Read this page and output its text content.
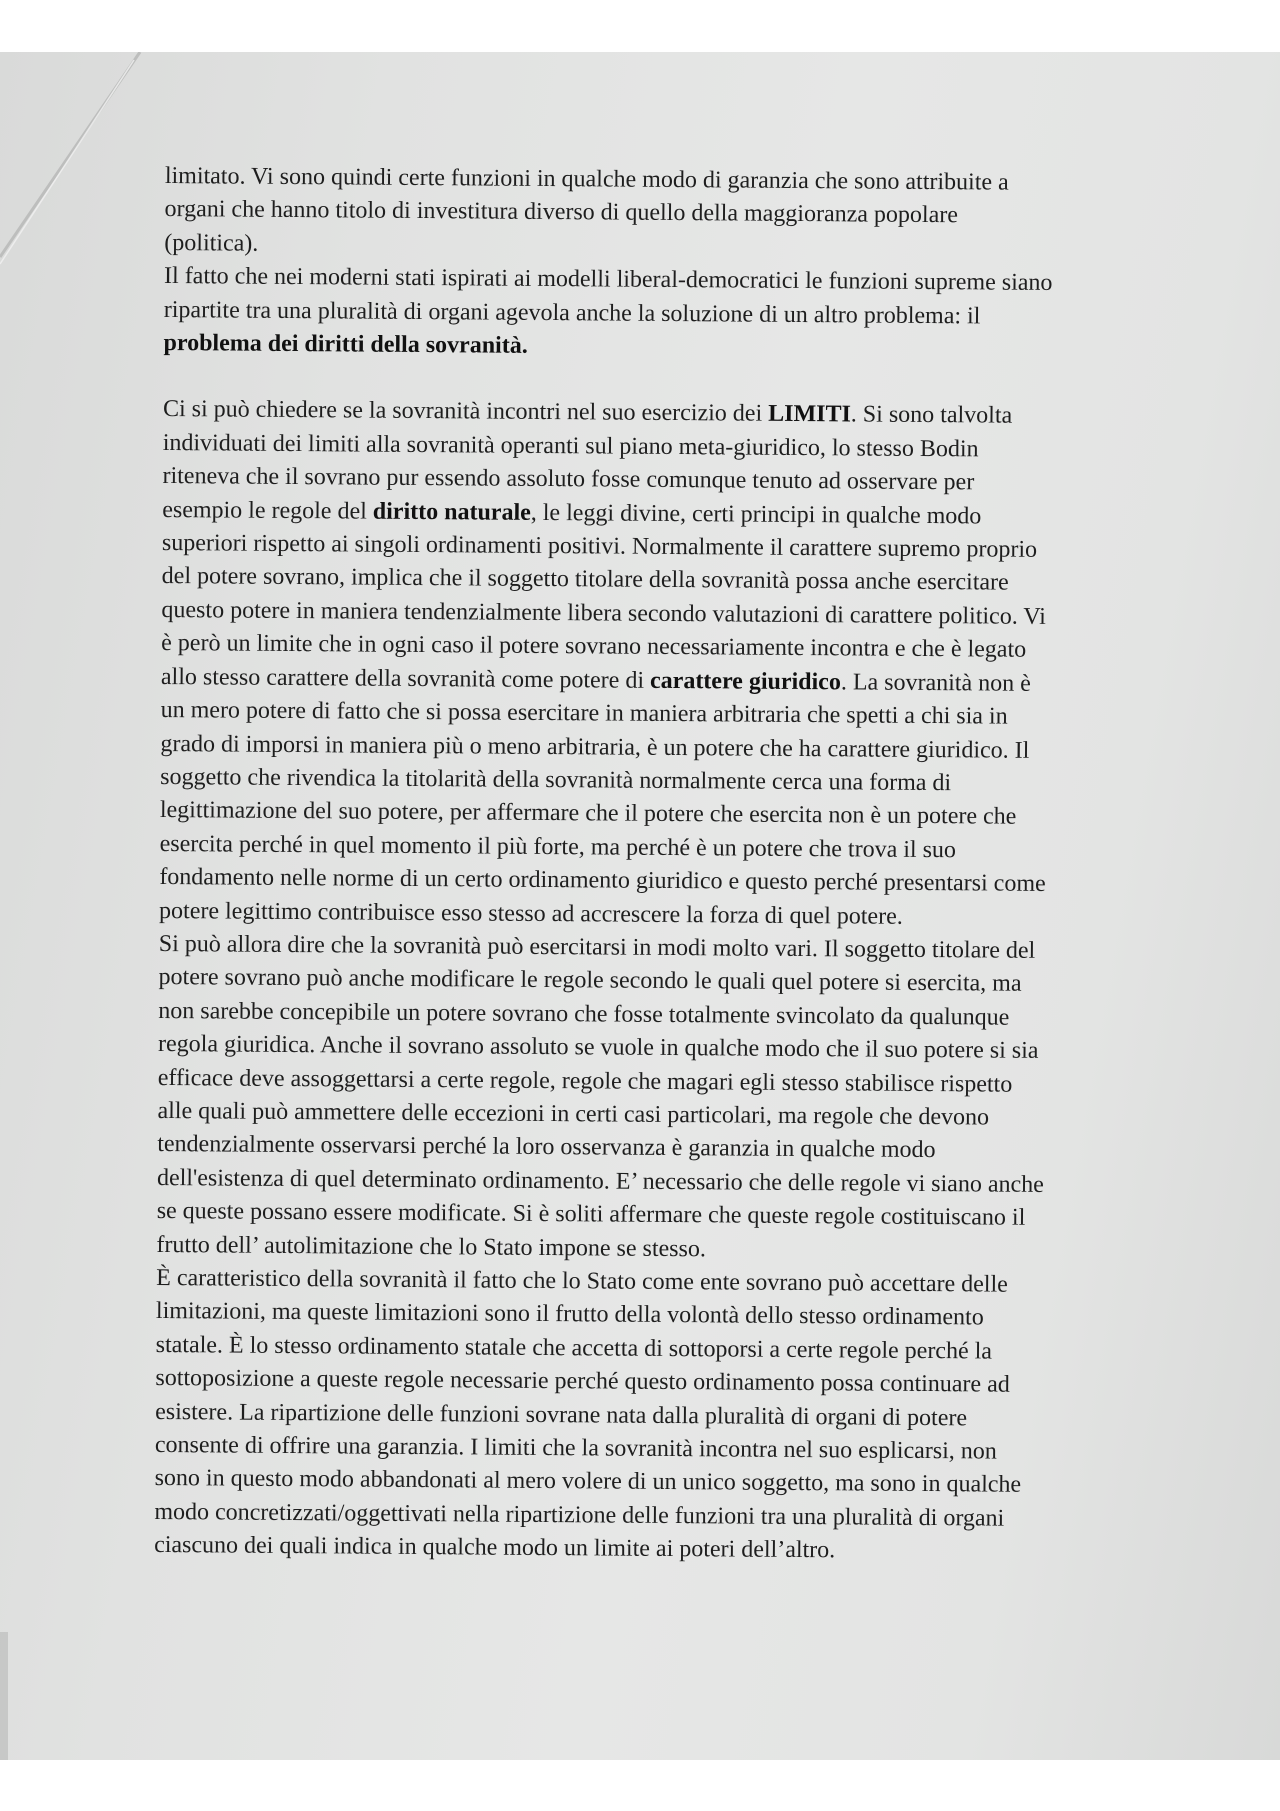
limitato. Vi sono quindi certe funzioni in qualche modo di garanzia che sono attribuite a
organi che hanno titolo di investitura diverso di quello della maggioranza popolare
(politica).
Il fatto che nei moderni stati ispirati ai modelli liberal-democratici le funzioni supreme siano
ripartite tra una pluralità di organi agevola anche la soluzione di un altro problema: il
problema dei diritti della sovranità.
Ci si può chiedere se la sovranità incontri nel suo esercizio dei LIMITI. Si sono talvolta
individuati dei limiti alla sovranità operanti sul piano meta-giuridico, lo stesso Bodin
riteneva che il sovrano pur essendo assoluto fosse comunque tenuto ad osservare per
esempio le regole del diritto naturale, le leggi divine, certi principi in qualche modo
superiori rispetto ai singoli ordinamenti positivi. Normalmente il carattere supremo proprio
del potere sovrano, implica che il soggetto titolare della sovranità possa anche esercitare
questo potere in maniera tendenzialmente libera secondo valutazioni di carattere politico. Vi
è però un limite che in ogni caso il potere sovrano necessariamente incontra e che è legato
allo stesso carattere della sovranità come potere di carattere giuridico. La sovranità non è
un mero potere di fatto che si possa esercitare in maniera arbitraria che spetti a chi sia in
grado di imporsi in maniera più o meno arbitraria, è un potere che ha carattere giuridico. Il
soggetto che rivendica la titolarità della sovranità normalmente cerca una forma di
legittimazione del suo potere, per affermare che il potere che esercita non è un potere che
esercita perché in quel momento il più forte, ma perché è un potere che trova il suo
fondamento nelle norme di un certo ordinamento giuridico e questo perché presentarsi come
potere legittimo contribuisce esso stesso ad accrescere la forza di quel potere.
Si può allora dire che la sovranità può esercitarsi in modi molto vari. Il soggetto titolare del
potere sovrano può anche modificare le regole secondo le quali quel potere si esercita, ma
non sarebbe concepibile un potere sovrano che fosse totalmente svincolato da qualunque
regola giuridica. Anche il sovrano assoluto se vuole in qualche modo che il suo potere si sia
efficace deve assoggettarsi a certe regole, regole che magari egli stesso stabilisce rispetto
alle quali può ammettere delle eccezioni in certi casi particolari, ma regole che devono
tendenzialmente osservarsi perché la loro osservanza è garanzia in qualche modo
dell'esistenza di quel determinato ordinamento. E’ necessario che delle regole vi siano anche
se queste possano essere modificate. Si è soliti affermare che queste regole costituiscano il
frutto dell’ autolimitazione che lo Stato impone se stesso.
È caratteristico della sovranità il fatto che lo Stato come ente sovrano può accettare delle
limitazioni, ma queste limitazioni sono il frutto della volontà dello stesso ordinamento
statale. È lo stesso ordinamento statale che accetta di sottoporsi a certe regole perché la
sottoposizione a queste regole necessarie perché questo ordinamento possa continuare ad
esistere. La ripartizione delle funzioni sovrane nata dalla pluralità di organi di potere
consente di offrire una garanzia. I limiti che la sovranità incontra nel suo esplicarsi, non
sono in questo modo abbandonati al mero volere di un unico soggetto, ma sono in qualche
modo concretizzati/oggettivati nella ripartizione delle funzioni tra una pluralità di organi
ciascuno dei quali indica in qualche modo un limite ai poteri dell’altro.
